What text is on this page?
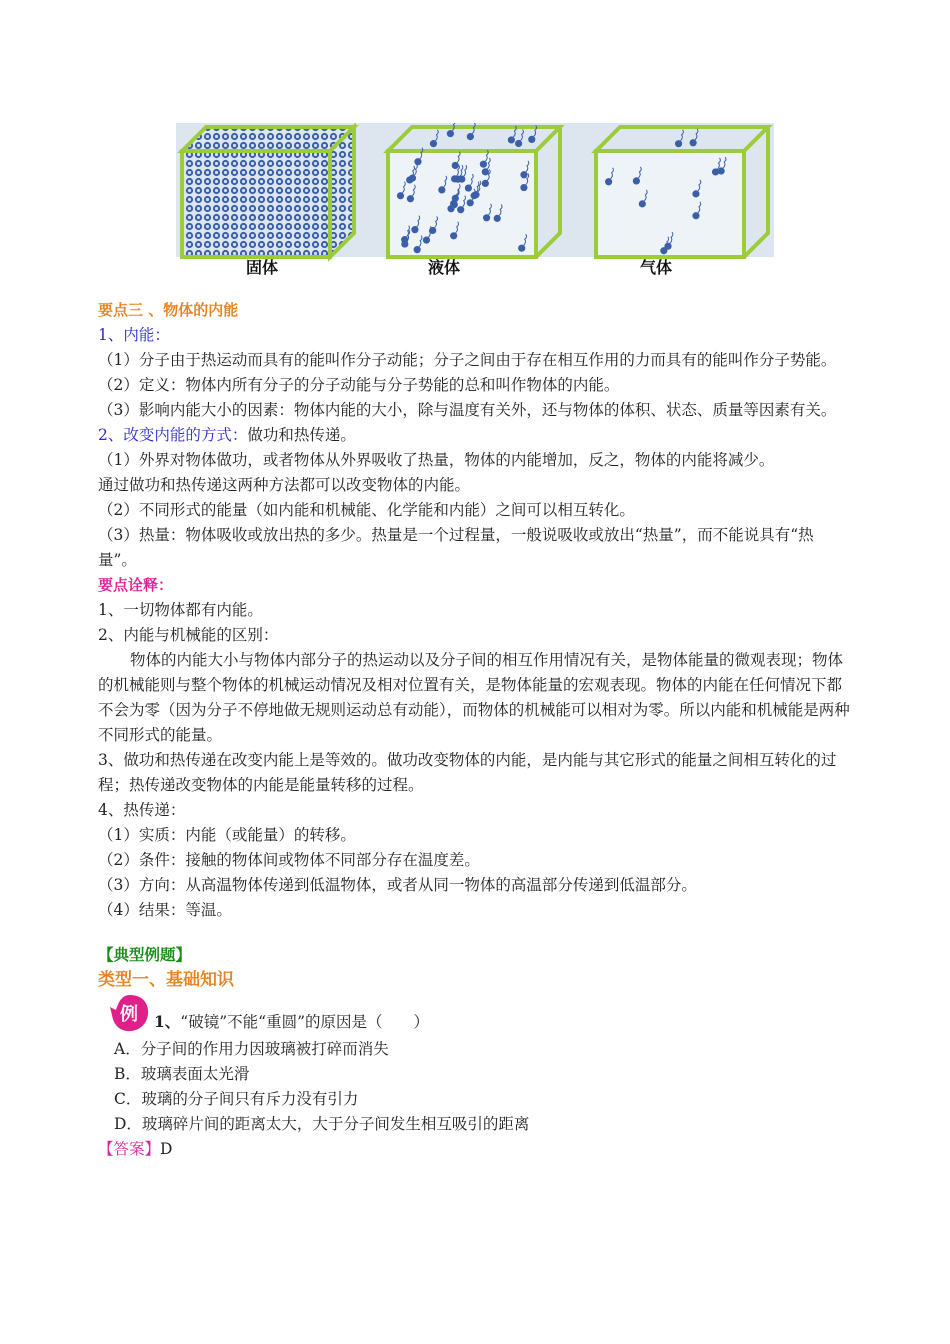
固体	液体	气体

要点三 、物体的内能

1、内能：

（1）分子由于热运动而具有的能叫作分子动能；分子之间由于存在相互作用的力而具有的能叫作分子势能。

（2）定义：物体内所有分子的分子动能与分子势能的总和叫作物体的内能。

（3）影响内能大小的因素：物体内能的大小，除与温度有关外，还与物体的体积、状态、质量等因素有关。

2、改变内能的方式：做功和热传递。

（1）外界对物体做功，或者物体从外界吸收了热量，物体的内能增加，反之，物体的内能将减少。

通过做功和热传递这两种方法都可以改变物体的内能。

（2）不同形式的能量（如内能和机械能、化学能和内能）之间可以相互转化。

（3）热量：物体吸收或放出热的多少。热量是一个过程量，一般说吸收或放出“热量”，而不能说具有“热量”。

要点诠释：

1、一切物体都有内能。

2、内能与机械能的区别：

物体的内能大小与物体内部分子的热运动以及分子间的相互作用情况有关，是物体能量的微观表现；物体的机械能则与整个物体的机械运动情况及相对位置有关，是物体能量的宏观表现。物体的内能在任何情况下都不会为零（因为分子不停地做无规则运动总有动能），而物体的机械能可以相对为零。所以内能和机械能是两种不同形式的能量。

3、做功和热传递在改变内能上是等效的。做功改变物体的内能，是内能与其它形式的能量之间相互转化的过程；热传递改变物体的内能是能量转移的过程。

4、热传递：

（1）实质：内能（或能量）的转移。

（2）条件：接触的物体间或物体不同部分存在温度差。

（3）方向：从高温物体传递到低温物体，或者从同一物体的高温部分传递到低温部分。

（4）结果：等温。

【典型例题】

类型一、基础知识

例 1、“破镜”不能“重圆”的原因是（　　）

A．分子间的作用力因玻璃被打碎而消失

B．玻璃表面太光滑

C．玻璃的分子间只有斥力没有引力

D．玻璃碎片间的距离太大，大于分子间发生相互吸引的距离

【答案】D
